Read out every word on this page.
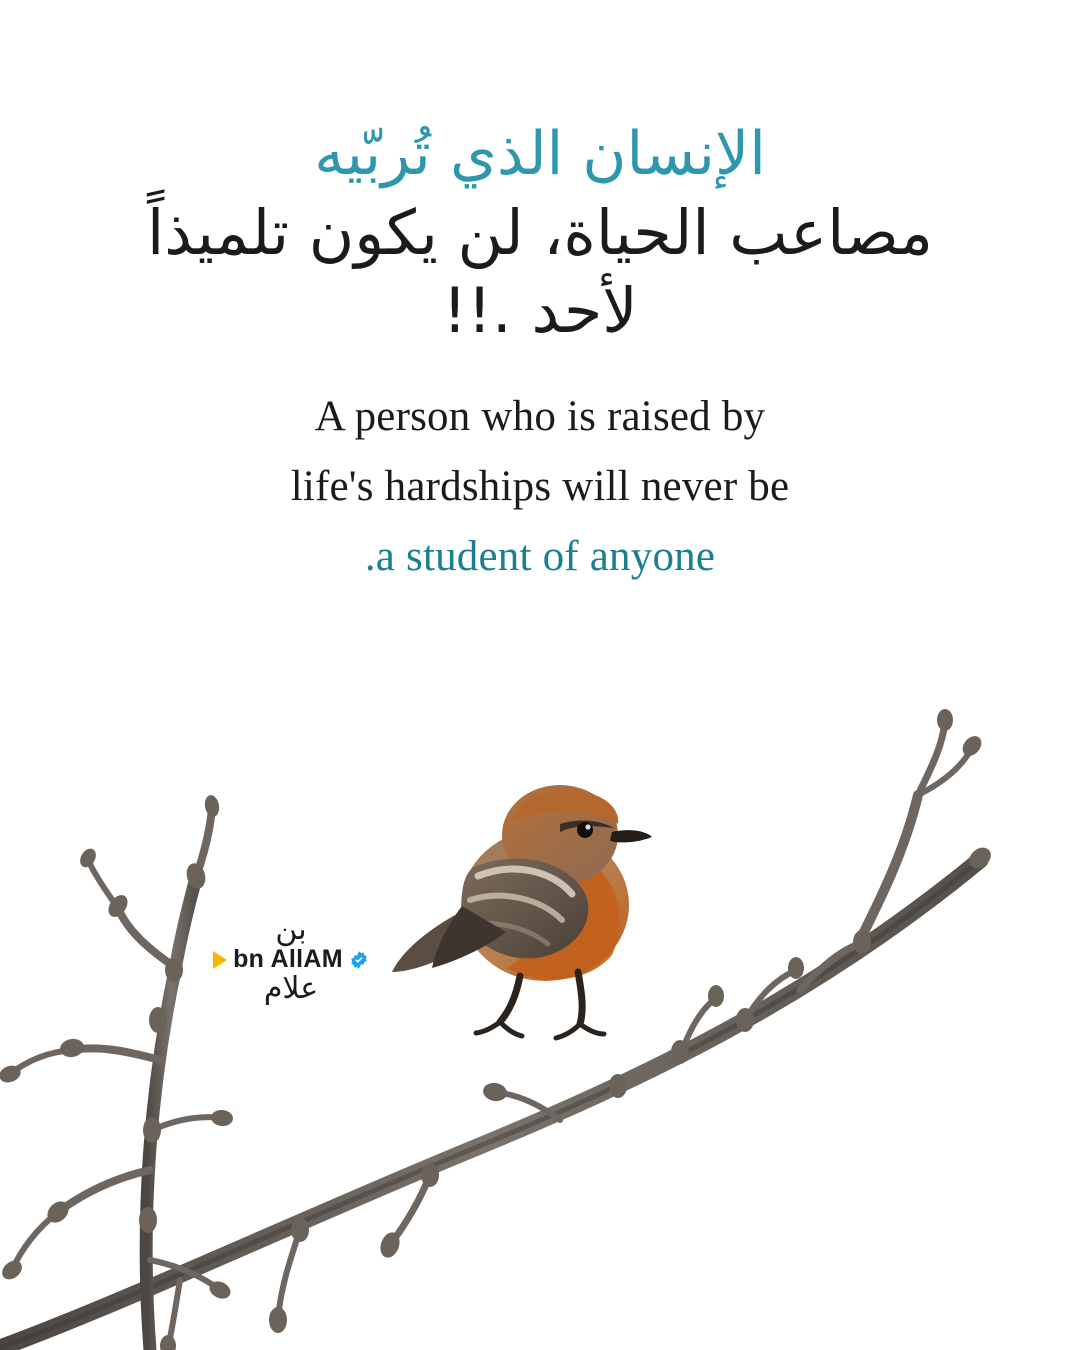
الإنسان الذي تُربّيه
مصاعب الحياة، لن يكون تلميذاً
لأحد .!!
A person who is raised by
life's hardships will never be
.a student of anyone
بن
bn AllAM
علام
